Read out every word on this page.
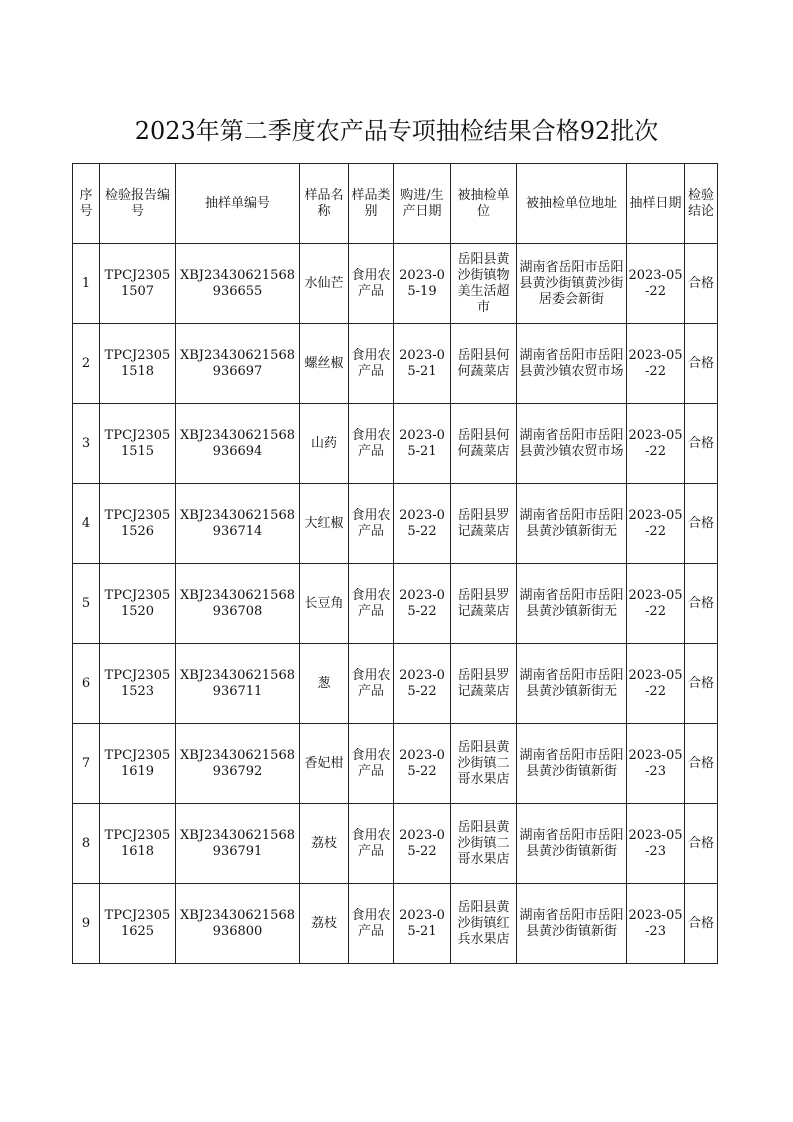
2023年第二季度农产品专项抽检结果合格92批次
序号	检验报告编号	抽样单编号	样品名称	样品类别	购进/生产日期	被抽检单位	被抽检单位地址	抽样日期	检验结论
1	TPCJ23051507	XBJ23430621568936655	水仙芒	食用农产品	2023-05-19	岳阳县黄沙街镇物美生活超市	湖南省岳阳市岳阳县黄沙街镇黄沙街居委会新街	2023-05-22	合格
2	TPCJ23051518	XBJ23430621568936697	螺丝椒	食用农产品	2023-05-21	岳阳县何何蔬菜店	湖南省岳阳市岳阳县黄沙镇农贸市场	2023-05-22	合格
3	TPCJ23051515	XBJ23430621568936694	山药	食用农产品	2023-05-21	岳阳县何何蔬菜店	湖南省岳阳市岳阳县黄沙镇农贸市场	2023-05-22	合格
4	TPCJ23051526	XBJ23430621568936714	大红椒	食用农产品	2023-05-22	岳阳县罗记蔬菜店	湖南省岳阳市岳阳县黄沙镇新街无	2023-05-22	合格
5	TPCJ23051520	XBJ23430621568936708	长豆角	食用农产品	2023-05-22	岳阳县罗记蔬菜店	湖南省岳阳市岳阳县黄沙镇新街无	2023-05-22	合格
6	TPCJ23051523	XBJ23430621568936711	葱	食用农产品	2023-05-22	岳阳县罗记蔬菜店	湖南省岳阳市岳阳县黄沙镇新街无	2023-05-22	合格
7	TPCJ23051619	XBJ23430621568936792	香妃柑	食用农产品	2023-05-22	岳阳县黄沙街镇二哥水果店	湖南省岳阳市岳阳县黄沙街镇新街	2023-05-23	合格
8	TPCJ23051618	XBJ23430621568936791	荔枝	食用农产品	2023-05-22	岳阳县黄沙街镇二哥水果店	湖南省岳阳市岳阳县黄沙街镇新街	2023-05-23	合格
9	TPCJ23051625	XBJ23430621568936800	荔枝	食用农产品	2023-05-21	岳阳县黄沙街镇红兵水果店	湖南省岳阳市岳阳县黄沙街镇新街	2023-05-23	合格
